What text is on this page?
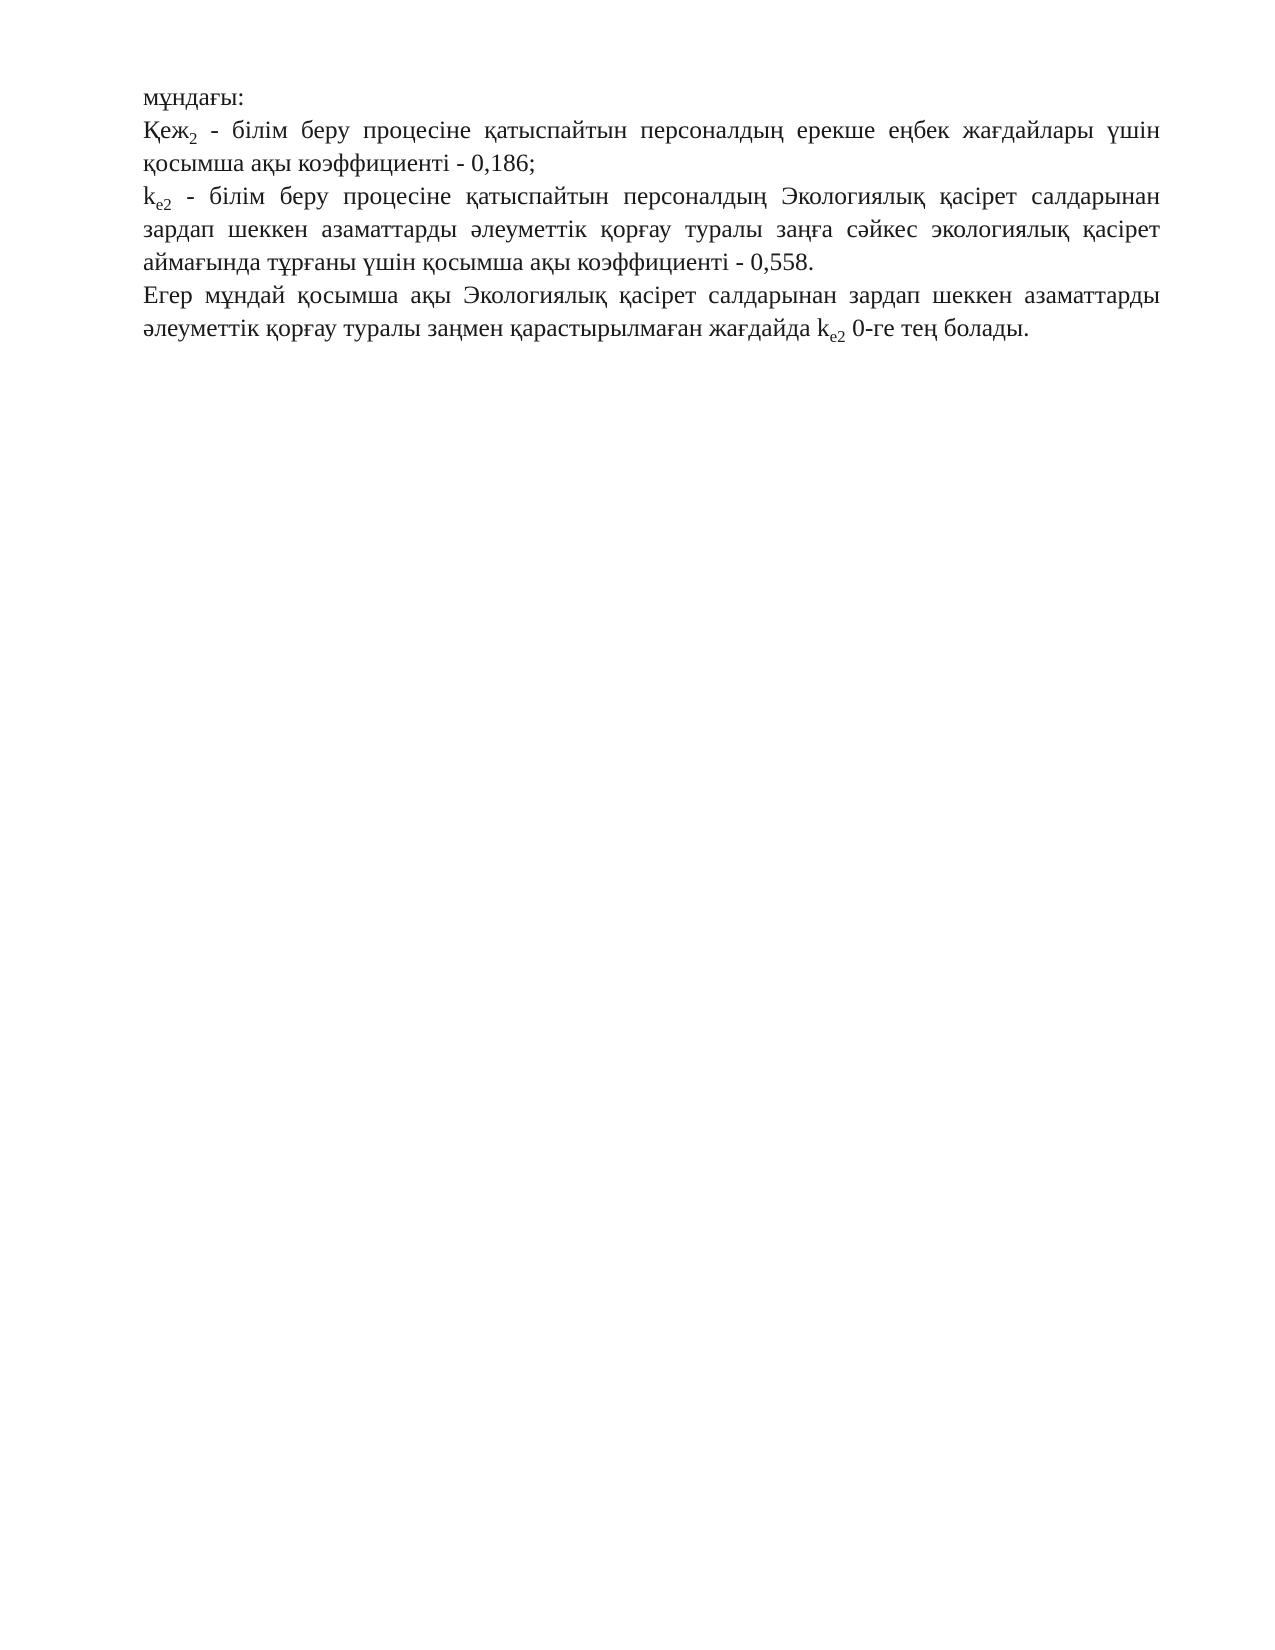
мұндағы:

Қеж$_2$ - білім беру процесіне қатыспайтын персоналдың ерекше еңбек жағдайлары үшін қосымша ақы коэффициенті - 0,186;

$k_{e2}$ - білім беру процесіне қатыспайтын персоналдың Экологиялық қасірет салдарынан зардап шеккен азаматтарды әлеуметтік қорғау туралы заңға сәйкес экологиялық қасірет аймағында тұрғаны үшін қосымша ақы коэффициенті - 0,558.

Егер мұндай қосымша ақы Экологиялық қасірет салдарынан зардап шеккен азаматтарды әлеуметтік қорғау туралы заңмен қарастырылмаған жағдайда $k_{e2}$ 0-ге тең болады.
